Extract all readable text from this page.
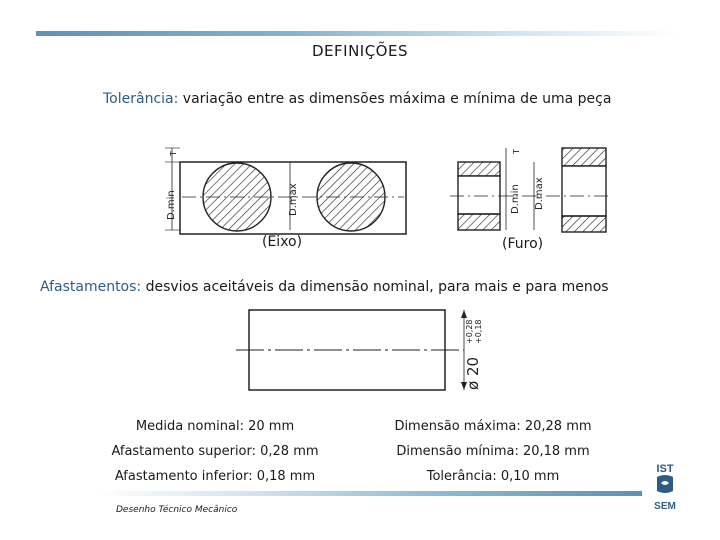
DEFINIÇÕES
Tolerância: variação entre as dimensões máxima e mínima de uma peça
T
D.min	D.max
T
D.min D.max
(Eixo)	(Furo)
Afastamentos: desvios aceitáveis da dimensão nominal, para mais e para menos
ø 20
+0,28 +0,18
Medida nominal: 20 mm
Afastamento superior: 0,28 mm
Afastamento inferior: 0,18 mm
Dimensão máxima: 20,28 mm
Dimensão mínima: 20,18 mm
Tolerância: 0,10 mm
Desenho Técnico Mecânico
IST
SEM
